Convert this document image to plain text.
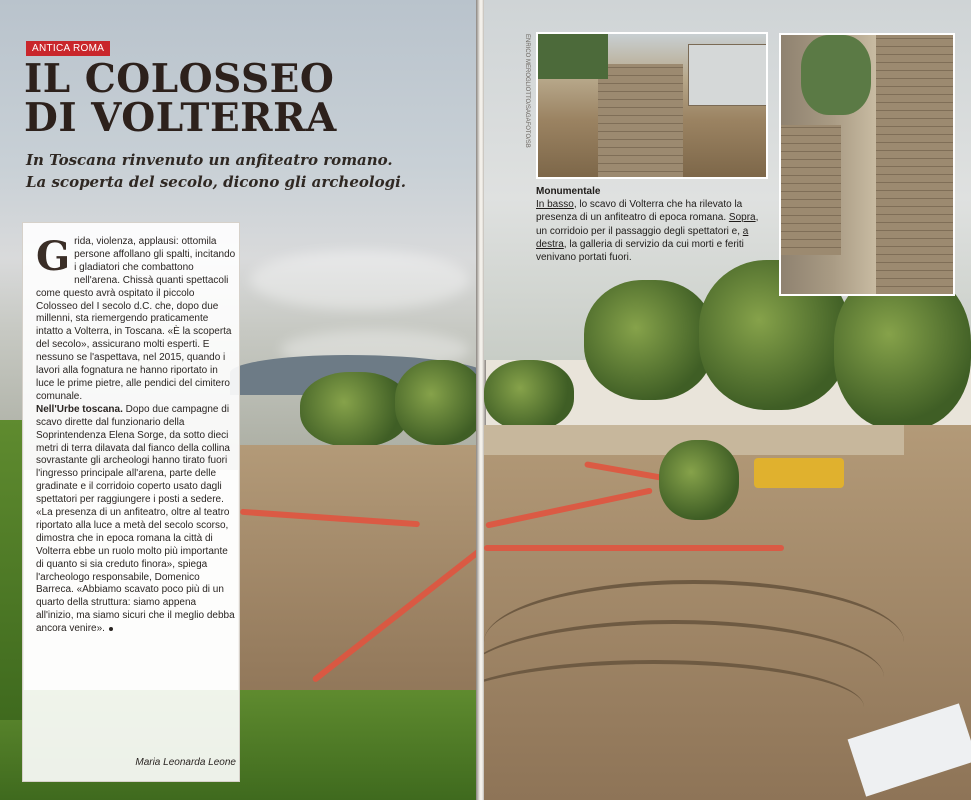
ANTICA ROMA
IL COLOSSEO
DI VOLTERRA

In Toscana rinvenuto un anfiteatro romano.
La scoperta del secolo, dicono gli archeologi.

G rida, violenza, applausi: ottomila persone affollano gli spalti, incitando i gladiatori che combattono nell'arena. Chissà quanti spettacoli come questo avrà ospitato il piccolo Colosseo del I secolo d.C. che, dopo due millenni, sta riemergendo praticamente intatto a Volterra, in Toscana. «È la scoperta del secolo», assicurano molti esperti. E nessuno se l'aspettava, nel 2015, quando i lavori alla fognatura ne hanno riportato in luce le prime pietre, alle pendici del cimitero comunale.

Nell'Urbe toscana. Dopo due campagne di scavo dirette dal funzionario della Soprintendenza Elena Sorge, da sotto dieci metri di terra dilavata dal fianco della collina sovrastante gli archeologi hanno tirato fuori l'ingresso principale all'arena, parte delle gradinate e il corridoio coperto usato dagli spettatori per raggiungere i posti a sedere.

«La presenza di un anfiteatro, oltre al teatro riportato alla luce a metà del secolo scorso, dimostra che in epoca romana la città di Volterra ebbe un ruolo molto più importante di quanto si sia creduto finora», spiega l'archeologo responsabile, Domenico Barreca. «Abbiamo scavato poco più di un quarto della struttura: siamo appena all'inizio, ma siamo sicuri che il meglio debba ancora venire».

Maria Leonarda Leone
ENRICO MEROGLIOTTO/SAGAFOTO/SB

Monumentale

In basso, lo scavo di Volterra che ha rilevato la presenza di un anfiteatro di epoca romana. Sopra, un corridoio per il passaggio degli spettatori e, a destra, la galleria di servizio da cui morti e feriti venivano portati fuori.
